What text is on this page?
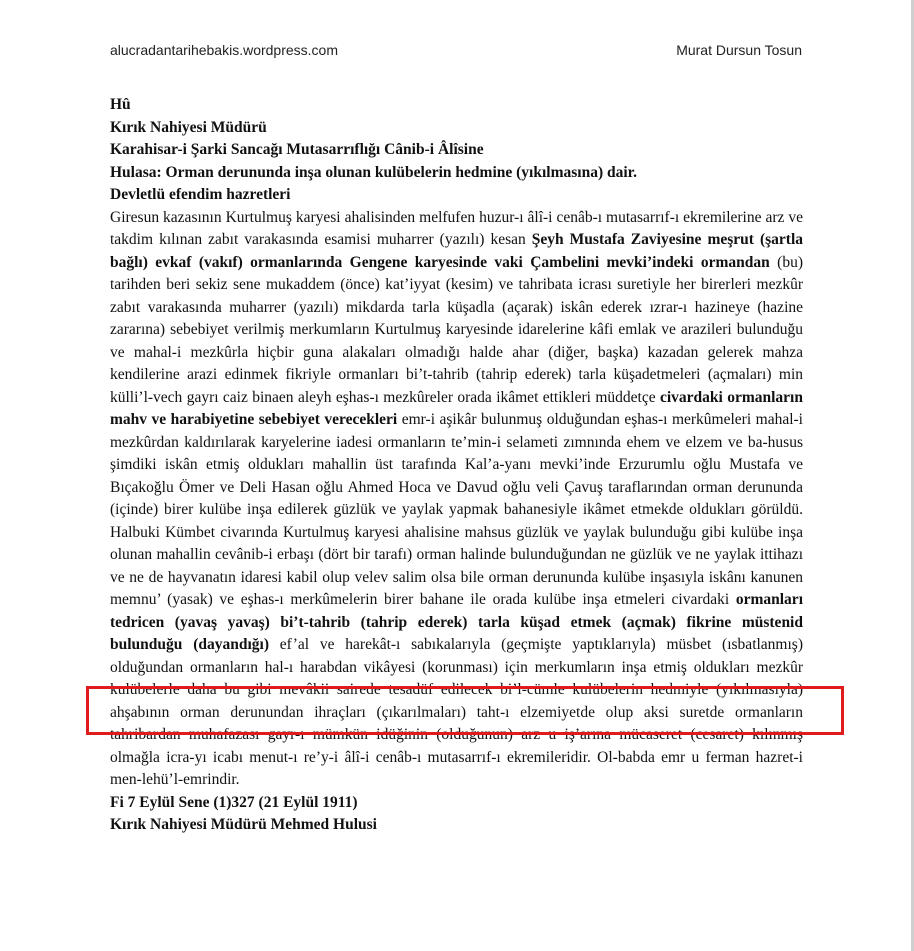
alucradantarihebakis.wordpress.com	Murat Dursun Tosun
Hû
Kırık Nahiyesi Müdürü
Karahisar-i Şarki Sancağı Mutasarrıflığı Cânib-i Âlîsine
Hulasa: Orman derununda inşa olunan kulübelerin hedmine (yıkılmasına) dair.
Devletlü efendim hazretleri
Giresun kazasının Kurtulmuş karyesi ahalisinden melfufen huzur-ı âlî-i cenâb-ı mutasarrıf-ı ekremilerine arz ve takdim kılınan zabıt varakasında esamisi muharrer (yazılı) kesan Şeyh Mustafa Zaviyesine meşrut (şartla bağlı) evkaf (vakıf) ormanlarında Gengene karyesinde vaki Çambelini mevki’indeki ormandan (bu) tarihden beri sekiz sene mukaddem (önce) kat’iyyat (kesim) ve tahribata icrası suretiyle her birerleri mezkûr zabıt varakasında muharrer (yazılı) mikdarda tarla küşadla (açarak) iskân ederek ızrar-ı hazineye (hazine zararına) sebebiyet verilmiş merkumların Kurtulmuş karyesinde idarelerine kâfi emlak ve arazileri bulunduğu ve mahal-i mezkûrla hiçbir guna alakaları olmadığı halde ahar (diğer, başka) kazadan gelerek mahza kendilerine arazi edinmek fikriyle ormanları bi’t-tahrib (tahrip ederek) tarla küşadetmeleri (açmaları) min külli’l-vech gayrı caiz binaen aleyh eşhas-ı mezkûreler orada ikâmet ettikleri müddetçe civardaki ormanların mahv ve harabiyetine sebebiyet verecekleri emr-i aşikâr bulunmuş olduğundan eşhas-ı merkûmeleri mahal-i mezkûrdan kaldırılarak karyelerine iadesi ormanların te’min-i selameti zımnında ehem ve elzem ve ba-husus şimdiki iskân etmiş oldukları mahallin üst tarafında Kal’a-yanı mevki’inde Erzurumlu oğlu Mustafa ve Bıçakoğlu Ömer ve Deli Hasan oğlu Ahmed Hoca ve Davud oğlu veli Çavuş taraflarından orman derununda (içinde) birer kulübe inşa edilerek güzlük ve yaylak yapmak bahanesiyle ikâmet etmekde oldukları görüldü. Halbuki Kümbet civarında Kurtulmuş karyesi ahalisine mahsus güzlük ve yaylak bulunduğu gibi kulübe inşa olunan mahallin cevânib-i erbaşı (dört bir tarafı) orman halinde bulunduğundan ne güzlük ve ne yaylak ittihazı ve ne de hayvanatın idaresi kabil olup velev salim olsa bile orman derununda kulübe inşasıyla iskânı kanunen memnu’ (yasak) ve eşhas-ı merkûmelerin birer bahane ile orada kulübe inşa etmeleri civardaki ormanları tedricen (yavaş yavaş) bi’t-tahrib (tahrip ederek) tarla küşad etmek (açmak) fikrine müstenid bulunduğu (dayandığı) ef’al ve harekât-ı sabıkalarıyla (geçmişte yaptıklarıyla) müsbet (ısbatlanmış) olduğundan ormanların hal-ı harabdan vikâyesi (korunması) için merkumların inşa etmiş oldukları mezkûr kulübelerle daha bu gibi mevâkii sairede tesadüf edilecek bi’l-cümle kulübelerin hedmiyle (yıkılmasıyla) ahşabının orman derunundan ihraçları (çıkarılmaları) taht-ı elzemiyetde olup aksi suretde ormanların tahribardan muhafazası gayr-ı mümkün idüğinin (olduğunun) arz u iş’arına mücaseret (cesaret) kılınmış olmağla icra-yı icabı menut-ı re’y-i âlî-i cenâb-ı mutasarrıf-ı ekremileridir. Ol-babda emr u ferman hazret-i men-lehü’l-emrindir.
Fi 7 Eylül Sene (1)327 (21 Eylül 1911)
Kırık Nahiyesi Müdürü Mehmed Hulusi
